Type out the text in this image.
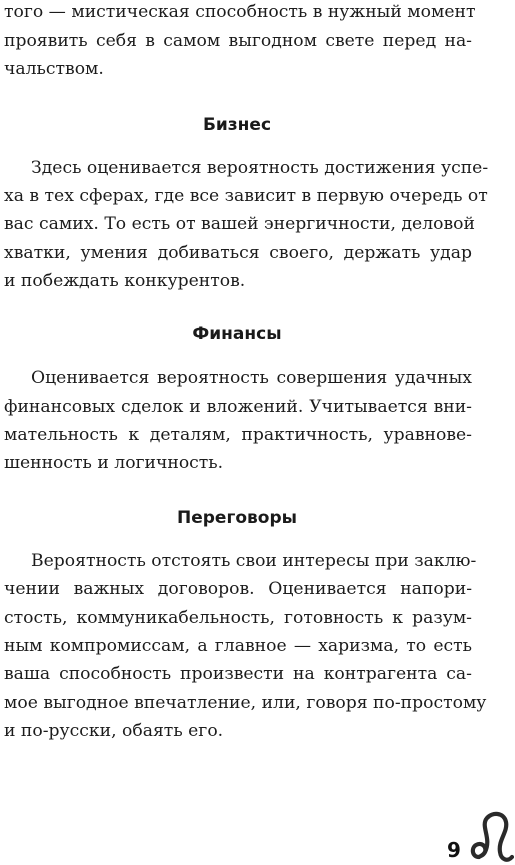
того — мистическая способность в нужный момент
проявить себя в самом выгодном свете перед на-
чальством.
Бизнес
Здесь оценивается вероятность достижения успе-
ха в тех сферах, где все зависит в первую очередь от
вас самих. То есть от вашей энергичности, деловой
хватки, умения добиваться своего, держать удар
и побеждать конкурентов.
Финансы
Оценивается вероятность совершения удачных
финансовых сделок и вложений. Учитывается вни-
мательность к деталям, практичность, уравнове-
шенность и логичность.
Переговоры
Вероятность отстоять свои интересы при заклю-
чении важных договоров. Оценивается напори-
стость, коммуникабельность, готовность к разум-
ным компромиссам, а главное — харизма, то есть
ваша способность произвести на контрагента са-
мое выгодное впечатление, или, говоря по-простому
и по-русски, обаять его.
9
